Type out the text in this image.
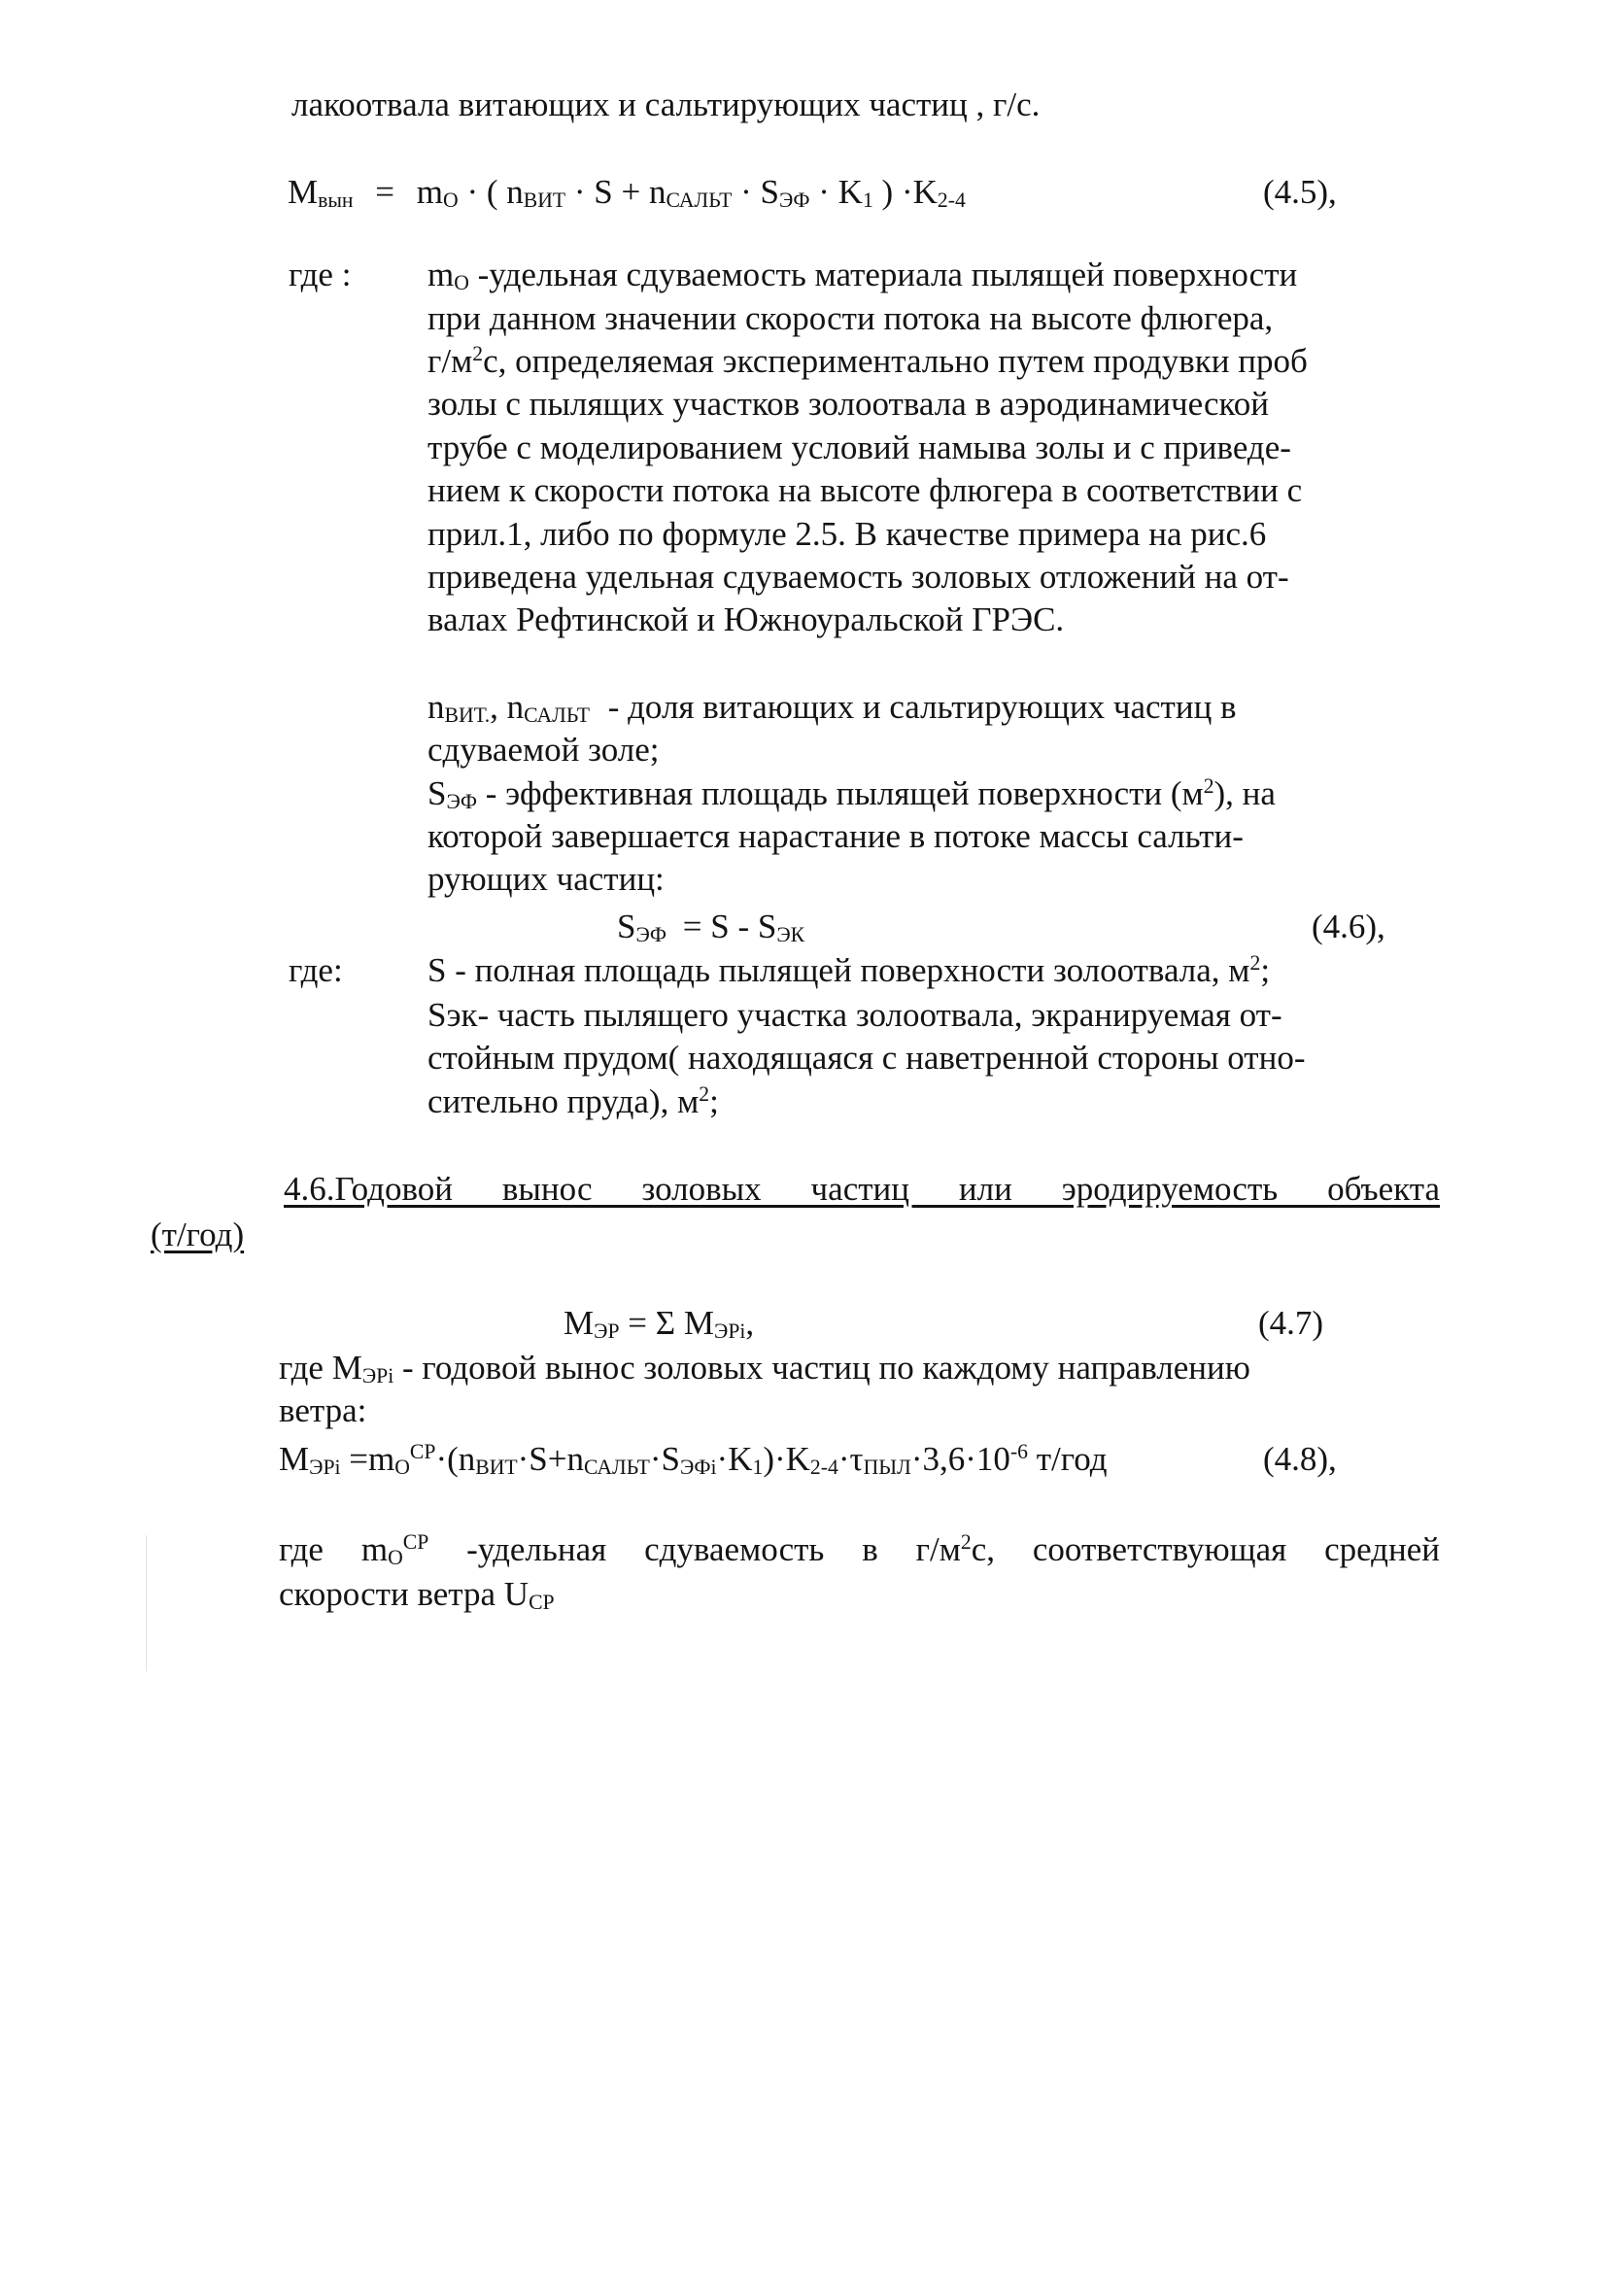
лакоотвала витающих и сальтирующих частиц , г/с.
$М_{вын} = m_O$ · ( $n_{ВИТ} \cdot S + n_{САЛЬТ} \cdot S_{ЭФ} \cdot K_1$ ) $\cdot K_{2-4}$	(4.5),
где : $m_O$ -удельная сдуваемость материала пылящей поверхности
при данном значении скорости потока на высоте флюгера,
$г/м^2с$, определяемая экспериментально путем продувки проб
золы с пылящих участков золоотвала в аэродинамической
трубе с моделированием условий намыва золы и с приведе-
нием к скорости потока на высоте флюгера в соответствии с
прил.1, либо по формуле 2.5. В качестве примера на рис.6
приведена удельная сдуваемость золовых отложений на от-
валах Рефтинской и Южноуральской ГРЭС.
$n_{ВИТ.}$, $n_{САЛЬТ}$ - доля витающих и сальтирующих частиц в
сдуваемой золе;
$S_{ЭФ}$ - эффективная площадь пылящей поверхности $(м^2)$, на
которой завершается нарастание в потоке массы сальти-
рующих частиц:
$S_{ЭФ} = S - S_{ЭК}$	(4.6),
где: S - полная площадь пылящей поверхности золоотвала, $м^2$;
Sэк- часть пылящего участка золоотвала, экранируемая от-
стойным прудом( находящаяся с наветренной стороны отно-
сительно пруда), $м^2$;
4.6.Годовой вынос золовых частиц или эродируемость объекта
(т/год)
$М_{ЭР} = \Sigma$ $М_{ЭРi}$,	(4.7)
где $М_{ЭРi}$ - годовой вынос золовых частиц по каждому направлению
ветра:
$М_{ЭРi} =m_O^{СР}\cdot(n_{ВИТ}\cdot S+n_{САЛЬТ}\cdot S_{ЭФi}\cdot K_1)\cdot K_{2-4}\cdot\tau_{ПЫЛ}\cdot 3,6\cdot 10^{-6}$ т/год	(4.8),
где $m_O^{СР}$ -удельная сдуваемость в $г/м^2с$, соответствующая средней
скорости ветра $U_{СР}$
